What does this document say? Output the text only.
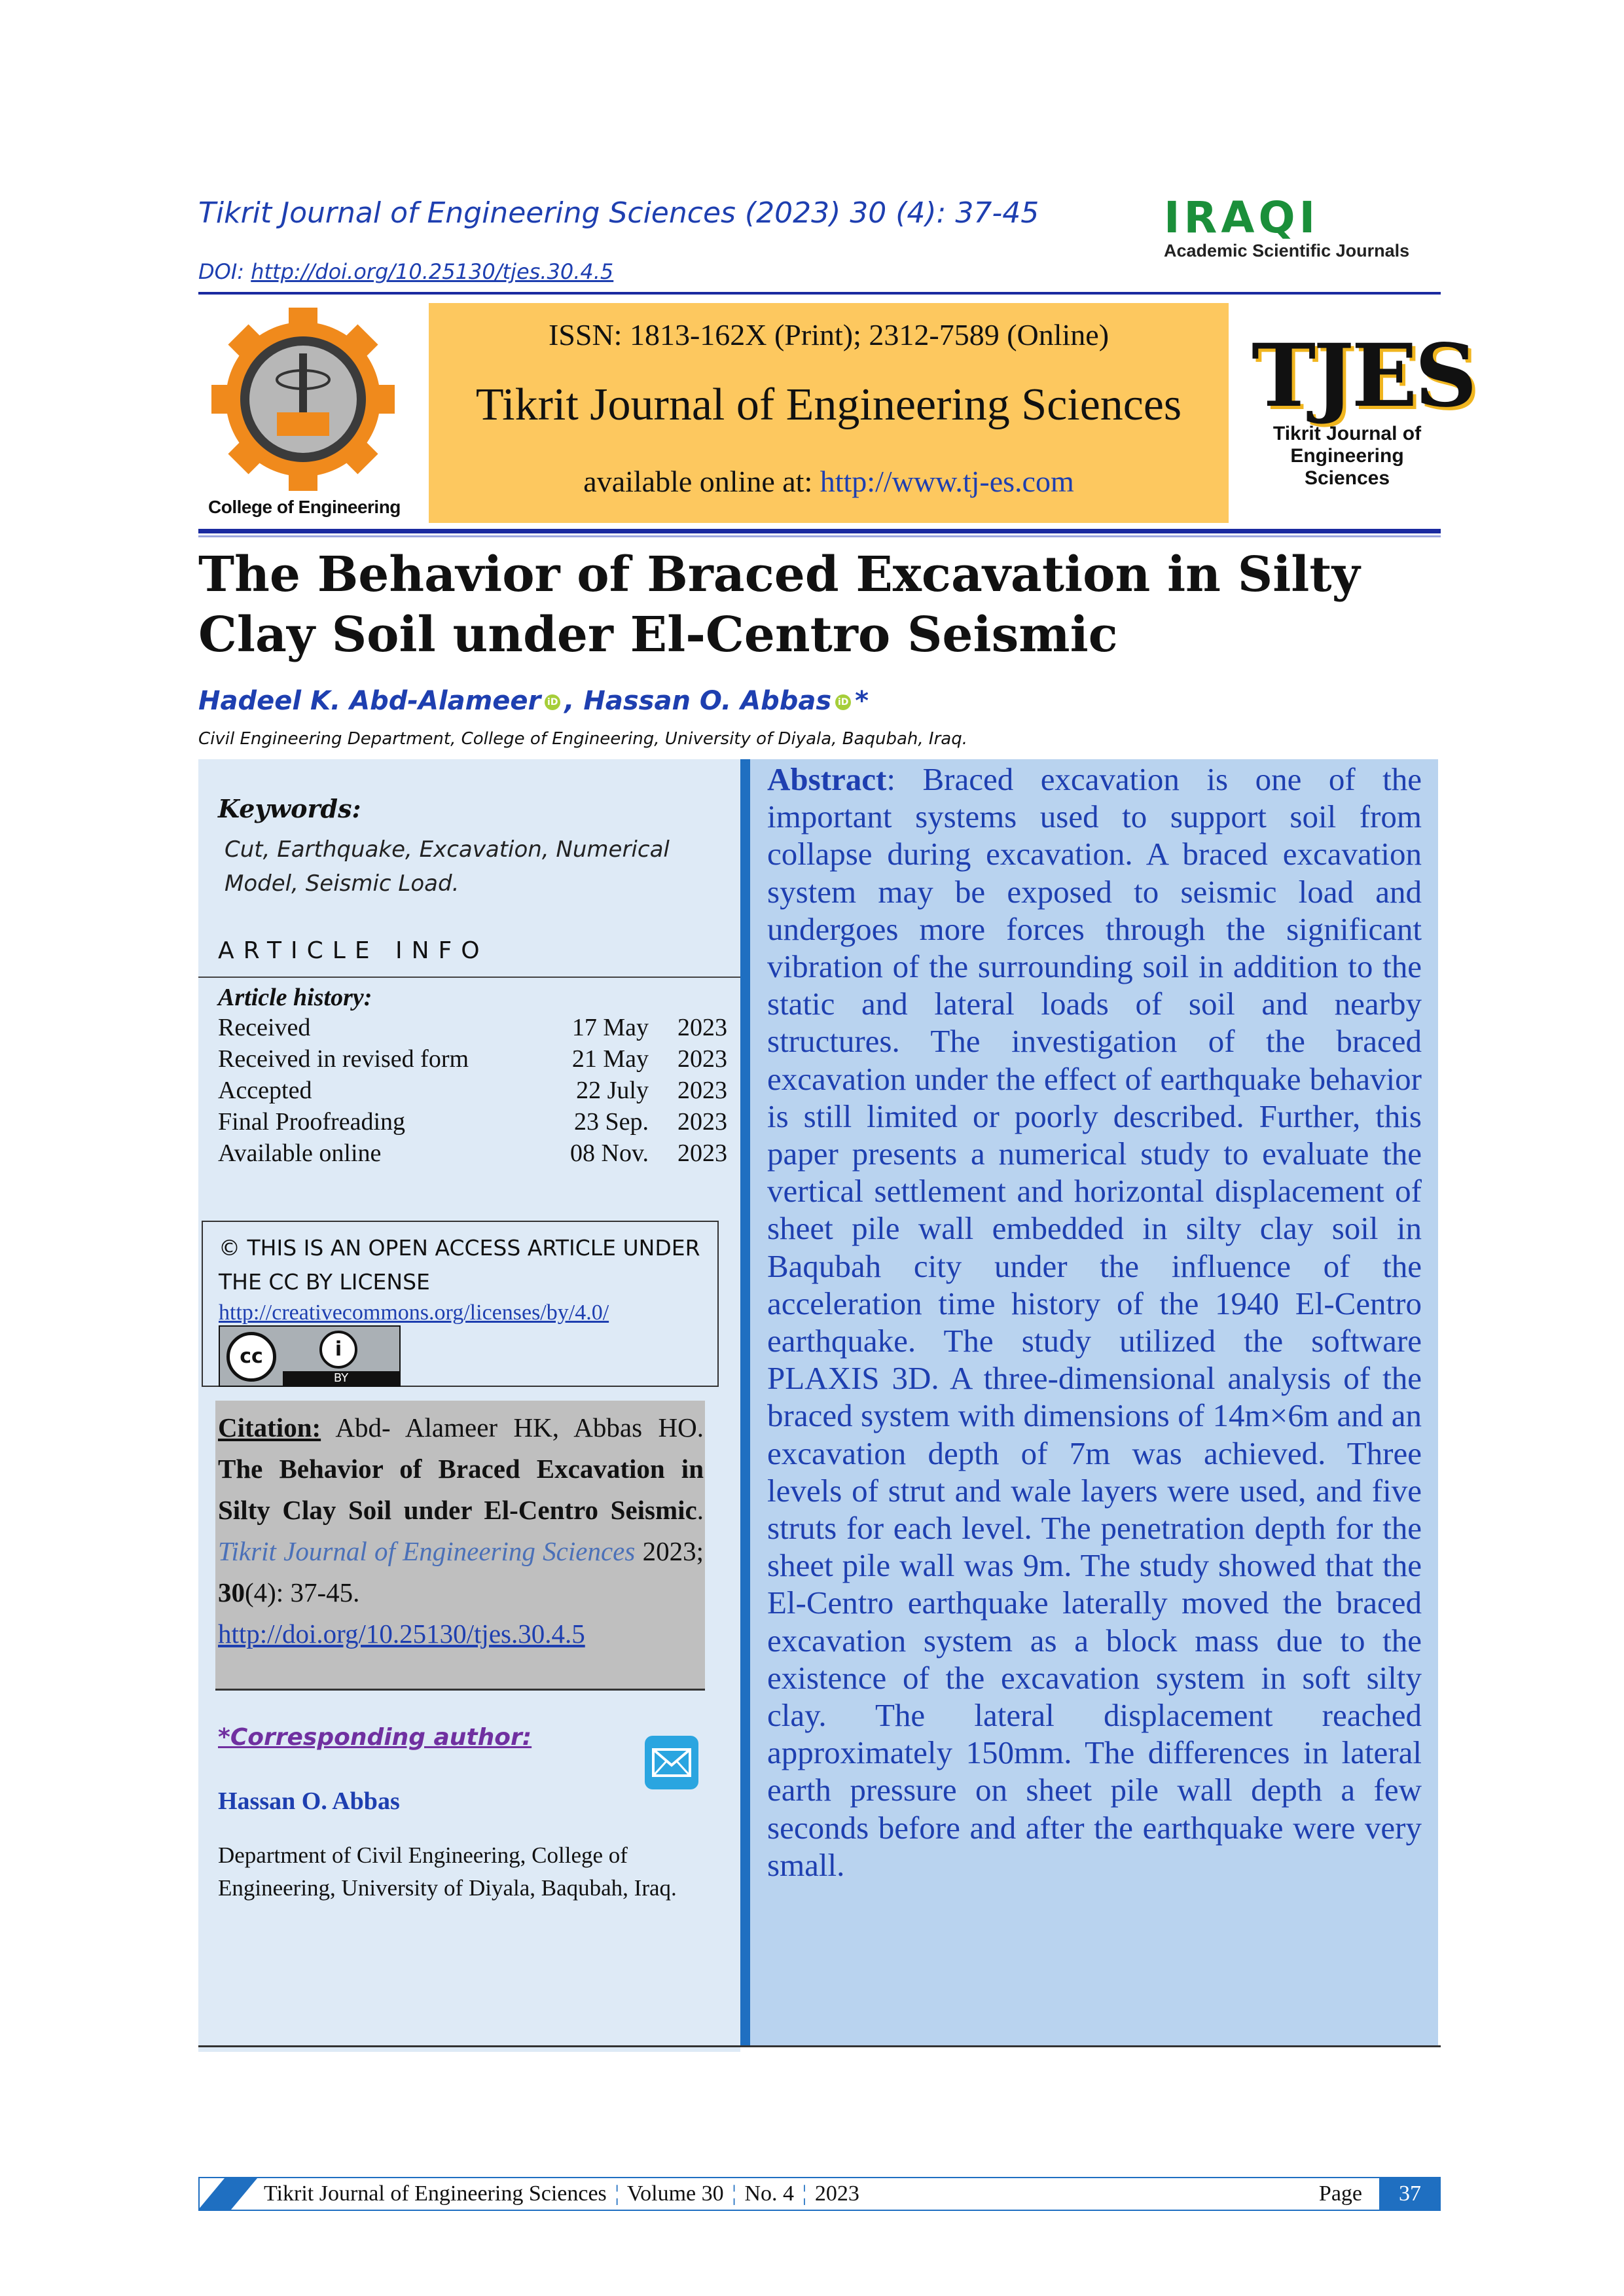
Tikrit Journal of Engineering Sciences (2023) 30 (4): 37-45
DOI: http://doi.org/10.25130/tjes.30.4.5
IRAQI
Academic Scientific Journals
College of Engineering
ISSN: 1813-162X (Print); 2312-7589 (Online)
Tikrit Journal of Engineering Sciences
available online at: http://www.tj-es.com
TJES
Tikrit Journal of
Engineering Sciences
The Behavior of Braced Excavation in Silty Clay Soil under El-Centro Seismic
Hadeel K. Abd-Alameer iD , Hassan O. Abbas iD *
Civil Engineering Department, College of Engineering, University of Diyala, Baqubah, Iraq.
Keywords:
Cut, Earthquake, Excavation, Numerical Model, Seismic Load.
ARTICLE INFO
Article history:
Received	17 May 2023
Received in revised form	21 May 2023
Accepted	22 July 2023
Final Proofreading	23 Sep. 2023
Available online	08 Nov. 2023
© THIS IS AN OPEN ACCESS ARTICLE UNDER THE CC BY LICENSE
http://creativecommons.org/licenses/by/4.0/
cc	i
BY
Citation: Abd- Alameer HK, Abbas HO. The Behavior of Braced Excavation in Silty Clay Soil under El-Centro Seismic. Tikrit Journal of Engineering Sciences 2023; 30(4): 37-45.
http://doi.org/10.25130/tjes.30.4.5
*Corresponding author:
Hassan O. Abbas
Department of Civil Engineering, College of Engineering, University of Diyala, Baqubah, Iraq.
Abstract: Braced excavation is one of the important systems used to support soil from collapse during excavation. A braced excavation system may be exposed to seismic load and undergoes more forces through the significant vibration of the surrounding soil in addition to the static and lateral loads of soil and nearby structures. The investigation of the braced excavation under the effect of earthquake behavior is still limited or poorly described. Further, this paper presents a numerical study to evaluate the vertical settlement and horizontal displacement of sheet pile wall embedded in silty clay soil in Baqubah city under the influence of the acceleration time history of the 1940 El-Centro earthquake. The study utilized the software PLAXIS 3D. A three-dimensional analysis of the braced system with dimensions of 14m×6m and an excavation depth of 7m was achieved. Three levels of strut and wale layers were used, and five struts for each level. The penetration depth for the sheet pile wall was 9m. The study showed that the El-Centro earthquake laterally moved the braced excavation system as a block mass due to the existence of the excavation system in soft silty clay. The lateral displacement reached approximately 150mm. The differences in lateral earth pressure on sheet pile wall depth a few seconds before and after the earthquake were very small.
Tikrit Journal of Engineering Sciences ¦ Volume 30 ¦ No. 4 ¦ 2023	Page	37
